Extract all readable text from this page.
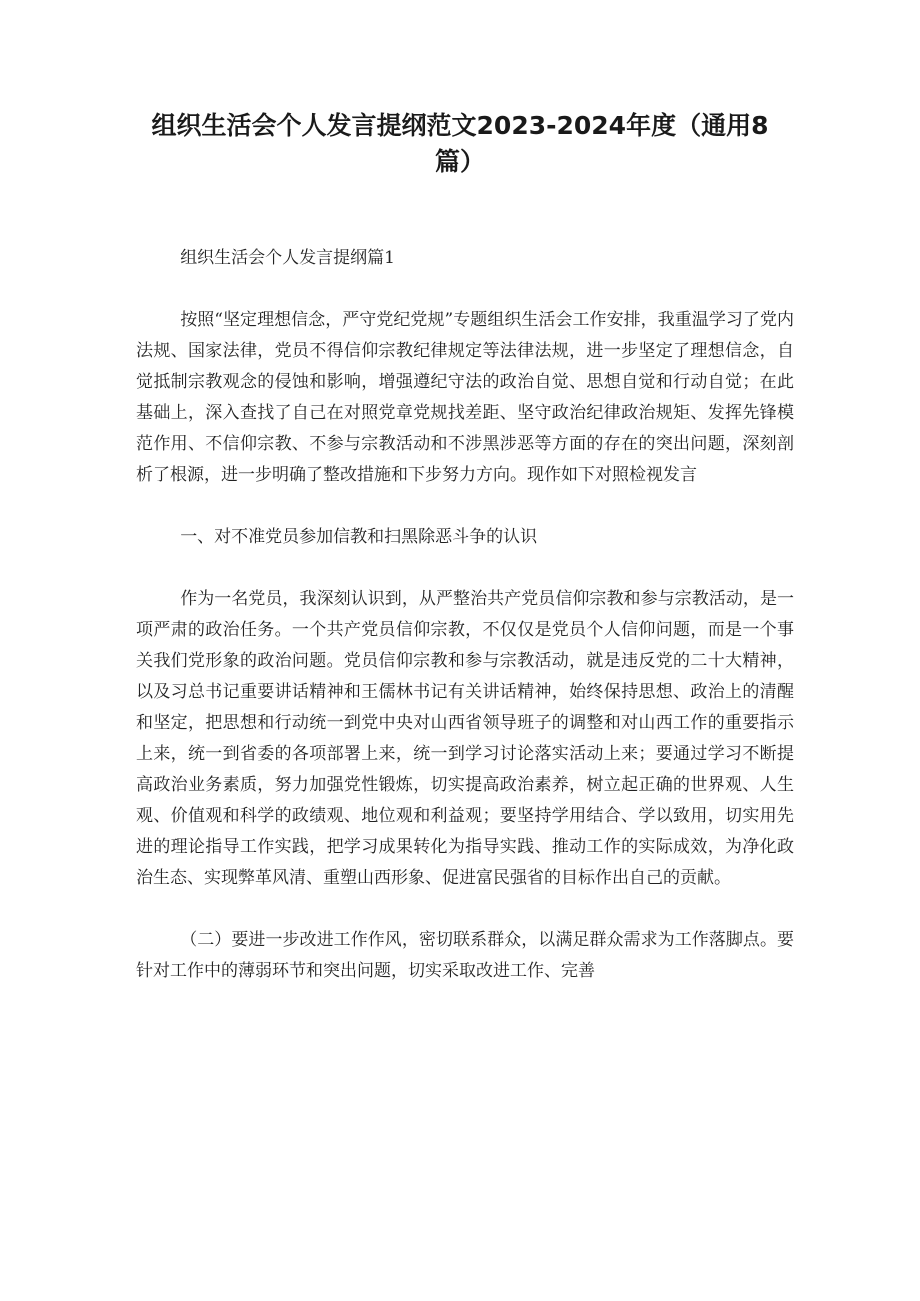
组织生活会个人发言提纲范文2023-2024年度（通用8篇）

组织生活会个人发言提纲篇1

按照“坚定理想信念，严守党纪党规”专题组织生活会工作安排，我重温学习了党内法规、国家法律，党员不得信仰宗教纪律规定等法律法规，进一步坚定了理想信念，自觉抵制宗教观念的侵蚀和影响，增强遵纪守法的政治自觉、思想自觉和行动自觉；在此基础上，深入查找了自己在对照党章党规找差距、坚守政治纪律政治规矩、发挥先锋模范作用、不信仰宗教、不参与宗教活动和不涉黑涉恶等方面的存在的突出问题，深刻剖析了根源，进一步明确了整改措施和下步努力方向。现作如下对照检视发言

一、对不准党员参加信教和扫黑除恶斗争的认识

作为一名党员，我深刻认识到，从严整治共产党员信仰宗教和参与宗教活动，是一项严肃的政治任务。一个共产党员信仰宗教，不仅仅是党员个人信仰问题，而是一个事关我们党形象的政治问题。党员信仰宗教和参与宗教活动，就是违反党的二十大精神，以及习总书记重要讲话精神和王儒林书记有关讲话精神，始终保持思想、政治上的清醒和坚定，把思想和行动统一到党中央对山西省领导班子的调整和对山西工作的重要指示上来，统一到省委的各项部署上来，统一到学习讨论落实活动上来；要通过学习不断提高政治业务素质，努力加强党性锻炼，切实提高政治素养，树立起正确的世界观、人生观、价值观和科学的政绩观、地位观和利益观；要坚持学用结合、学以致用，切实用先进的理论指导工作实践，把学习成果转化为指导实践、推动工作的实际成效，为净化政治生态、实现弊革风清、重塑山西形象、促进富民强省的目标作出自己的贡献。

（二）要进一步改进工作作风，密切联系群众，以满足群众需求为工作落脚点。要针对工作中的薄弱环节和突出问题，切实采取改进工作、完善
